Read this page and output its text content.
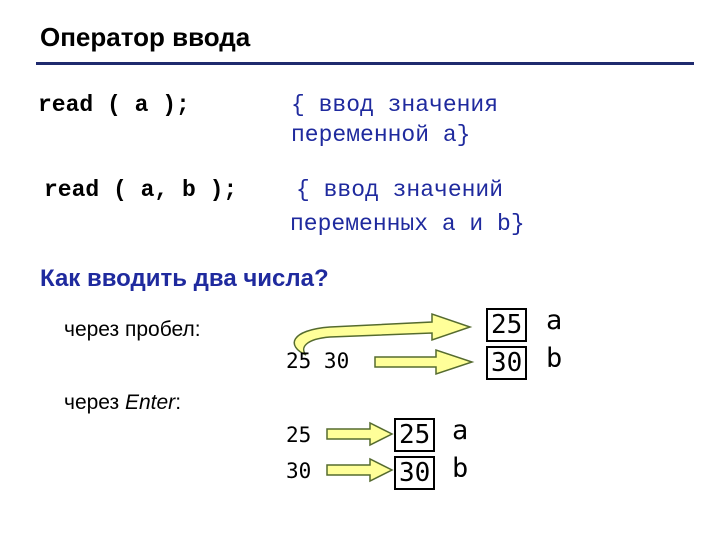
Оператор ввода
read ( a );	{ ввод значения
переменной a}
read ( a, b );	{ ввод значений
переменных a и b}
Как вводить два числа?
через пробел:
25 30
25 a
30 b
через Enter:
25
30
25 a
30 b
